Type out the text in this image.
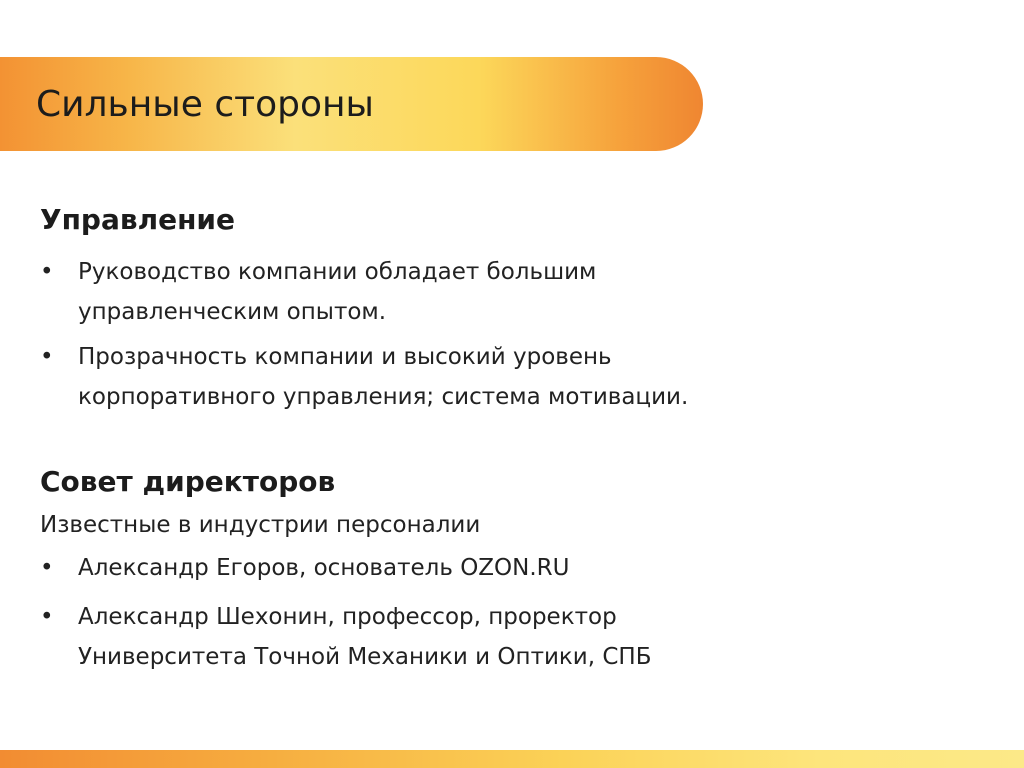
Сильные стороны
Управление
• Руководство компании обладает большим
управленческим опытом.
• Прозрачность компании и высокий уровень
корпоративного управления; система мотивации.
Совет директоров
Известные в индустрии персоналии
• Александр Егоров, основатель OZON.RU
• Александр Шехонин, профессор, проректор
Университета Точной Механики и Оптики, СПБ
